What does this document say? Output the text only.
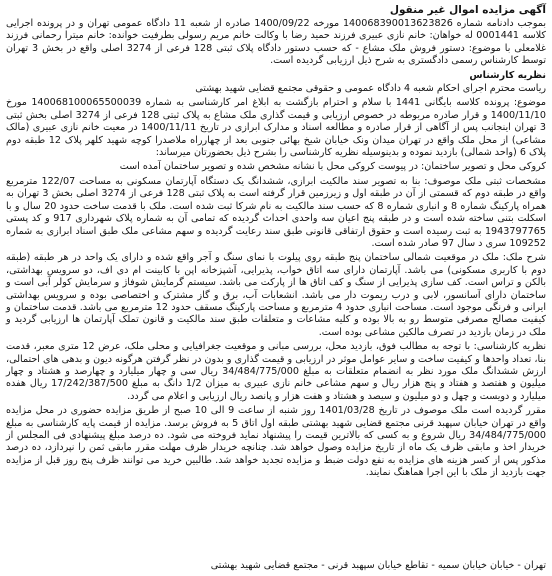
آگهی مزایده اموال غیر منقول

بموجب دادنامه شماره 140068390013623826 مورخه 1400/09/22 صادره از شعبه 11 دادگاه عمومی تهران و در پرونده اجرایی کلاسه 0001441 له خواهان: خانم نازی عبیری فرزند حمید رضا با وکالت خانم مریم رسولی بطرفیت خوانده: خانم میترا رحمانی فرزند غلامعلی با موضوع: دستور فروش ملک مشاع - که حسب دستور دادگاه پلاک ثبتی 128 فرعی از 3274 اصلی واقع در بخش 3 تهران توسط کارشناس رسمی دادگستری به شرح ذیل ارزیابی گردیده است.

نظریه کارشناس

ریاست محترم اجرای احکام شعبه 4 دادگاه عمومی و حقوقی مجتمع قضایی شهید بهشتی

موضوع: پرونده کلاسه بایگانی 1441 با سلام و احترام بازگشت به ابلاغ امر کارشناسی به شماره 140068100065500039 مورخ 1400/11/10 و قرار صادره مربوطه در خصوص ارزیابی و قیمت گذاری ملک مشاع به پلاک ثبتی 128 فرعی از 3274 اصلی بخش ثبتی 3 تهران اینجانب پس از آگاهی از قرار صادره و مطالعه اسناد و مدارک ابرازی در تاریخ 1400/11/11 در معیت خانم نازی عبیری (مالک مشاعی) از محل ملک واقع در تهران میدان ونک خیابان شیخ بهائی جنوبی بعد از چهارراه ملاصدرا کوچه شهید کلهر پلاک 12 طبقه دوم پلاک 6 (واحد شمالی) بازدید نموده و بدینوسیله نظریه کارشناسی را بشرح ذیل بحضورتان میرساند:

کروکی محل و تصویر ساختمان: در پیوست کروکی محل با نشانه مشخص شده و تصویر ساختمان آمده است

مشخصات ثبتی ملک موصوف: بنا به تصویر سند مالکیت ابرازی، ششدانگ یک دستگاه آپارتمان مسکونی به مساحت 122/07 مترمربع واقع در طبقه دوم که قسمتی از آن در طبقه اول و زیرزمین قرار گرفته است به پلاک ثبتی 128 فرعی از 3274 اصلی بخش 3 تهران به همراه پارکینگ شماره 8 و انباری شماره 8 که حسب سند مالکیت به نام شرکا ثبت شده است. ملک با قدمت ساخت حدود 20 سال و با اسکلت بتنی ساخته شده است و در طبقه پنج اعیان سه واحدی احداث گردیده که تمامی آن به شماره پلاک شهرداری 917 و کد پستی 1943797765 به ثبت رسیده است و حقوق ارتفاقی قانونی طبق سند رعایت گردیده و سهم مشاعی ملک طبق اسناد ابرازی به شماره 109252 سری د سال 97 صادر شده است.

شرح ملک: ملک در موقعیت شمالی ساختمان پنج طبقه روی پیلوت با نمای سنگ و آجر واقع شده و دارای یک واحد در هر طبقه (طبقه دوم با کاربری مسکونی) می باشد. آپارتمان دارای سه اتاق خواب، پذیرایی، آشپزخانه اپن با کابینت ام دی اف، دو سرویس بهداشتی، بالکن و تراس است. کف سازی پذیرایی از سنگ و کف اتاق ها از پارکت می باشد. سیستم گرمایش شوفاژ و سرمایش کولر آبی است و ساختمان دارای آسانسور، لابی و درب ریموت دار می باشد. انشعابات آب، برق و گاز مشترک و اختصاصی بوده و سرویس بهداشتی ایرانی و فرنگی موجود است. مساحت انباری حدود 4 مترمربع و مساحت پارکینگ مسقف حدود 12 مترمربع می باشد. قدمت ساختمان و کیفیت مصالح مصرفی متوسط رو به بالا بوده و کلیه مشاعات و متعلقات طبق سند مالکیت و قانون تملک آپارتمان ها ارزیابی گردید و ملک در زمان بازدید در تصرف مالکین مشاعی بوده است.

نظریه کارشناسی: با توجه به مطالب فوق، بازدید محل، بررسی مبانی و موقعیت جغرافیایی و محلی ملک، عرض 12 متری معبر، قدمت بنا، تعداد واحدها و کیفیت ساخت و سایر عوامل موثر در ارزیابی و قیمت گذاری و بدون در نظر گرفتن هرگونه دیون و بدهی های احتمالی، ارزش ششدانگ ملک مورد نظر به انضمام متعلقات به مبلغ 34/484/775/000 ریال سی و چهار میلیارد و چهارصد و هشتاد و چهار میلیون و هفتصد و هفتاد و پنج هزار ریال و سهم مشاعی خانم نازی عبیری به میزان 1/2 دانگ به مبلغ 17/242/387/500 ریال هفده میلیارد و دویست و چهل و دو میلیون و سیصد و هشتاد و هفت هزار و پانصد ریال ارزیابی و اعلام می گردد.

مقرر گردیده است ملک موصوف در تاریخ 1401/03/28 روز شنبه از ساعت 9 الی 10 صبح از طریق مزایده حضوری در محل مزایده واقع در تهران خیابان سپهبد قرنی مجتمع قضایی شهید بهشتی طبقه اول اتاق 5 به فروش برسد. مزایده از قیمت پایه کارشناسی به مبلغ 34/484/775/000 ریال شروع و به کسی که بالاترین قیمت را پیشنهاد نماید فروخته می شود. ده درصد مبلغ پیشنهادی فی المجلس از خریدار اخذ و مابقی ظرف یک ماه از تاریخ مزایده وصول خواهد شد. چنانچه خریدار ظرف مهلت مقرر مابقی ثمن را نپردازد، ده درصد مذکور پس از کسر هزینه های مزایده به نفع دولت ضبط و مزایده تجدید خواهد شد. طالبین خرید می توانند ظرف پنج روز قبل از مزایده جهت بازدید از ملک با این اجرا هماهنگ نمایند.

تهران - خیابان خیابان سمیه - تقاطع خیابان سپهبد قرنی - مجتمع قضایی شهید بهشتی
